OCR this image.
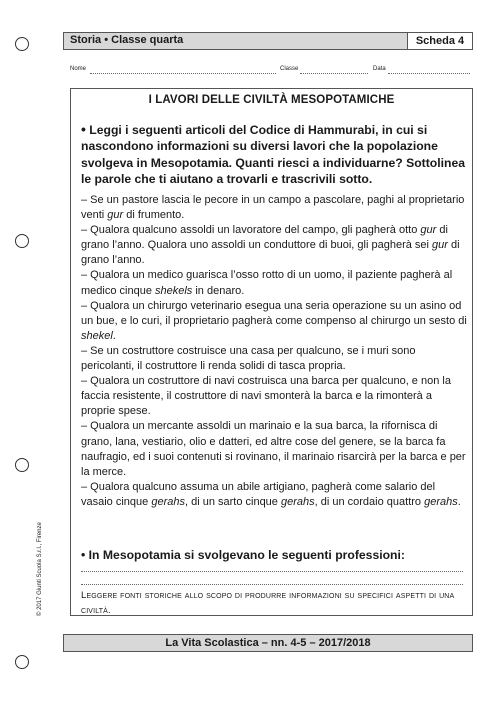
Storia • Classe quarta	Scheda 4
Nome	Classe	Data
I LAVORI DELLE CIVILTÀ MESOPOTAMICHE
• Leggi i seguenti articoli del Codice di Hammurabi, in cui si nascondono informazioni su diversi lavori che la popolazione svolgeva in Mesopotamia. Quanti riesci a individuarne? Sottolinea le parole che ti aiutano a trovarli e trascrivili sotto.

– Se un pastore lascia le pecore in un campo a pascolare, paghi al proprietario venti gur di frumento.

– Qualora qualcuno assoldi un lavoratore del campo, gli pagherà otto gur di grano l’anno. Qualora uno assoldi un conduttore di buoi, gli pagherà sei gur di grano l’anno.

– Qualora un medico guarisca l’osso rotto di un uomo, il paziente pagherà al medico cinque shekels in denaro.

– Qualora un chirurgo veterinario esegua una seria operazione su un asino od un bue, e lo curi, il proprietario pagherà come compenso al chirurgo un sesto di shekel.

– Se un costruttore costruisce una casa per qualcuno, se i muri sono pericolanti, il costruttore li renda solidi di tasca propria.

– Qualora un costruttore di navi costruisca una barca per qualcuno, e non la faccia resistente, il costruttore di navi smonterà la barca e la rimonterà a proprie spese.

– Qualora un mercante assoldi un marinaio e la sua barca, la rifornisca di grano, lana, vestiario, olio e datteri, ed altre cose del genere, se la barca fa naufragio, ed i suoi contenuti si rovinano, il marinaio risarcirà per la barca e per la merce.

– Qualora qualcuno assuma un abile artigiano, pagherà come salario del vasaio cinque gerahs, di un sarto cinque gerahs, di un cordaio quattro gerahs.

• In Mesopotamia si svolgevano le seguenti professioni:
Leggere fonti storiche allo scopo di produrre informazioni su specifici aspetti di una civiltà.
© 2017 Giunti Scuola S.r.l., Firenze
La Vita Scolastica – nn. 4-5 – 2017/2018
